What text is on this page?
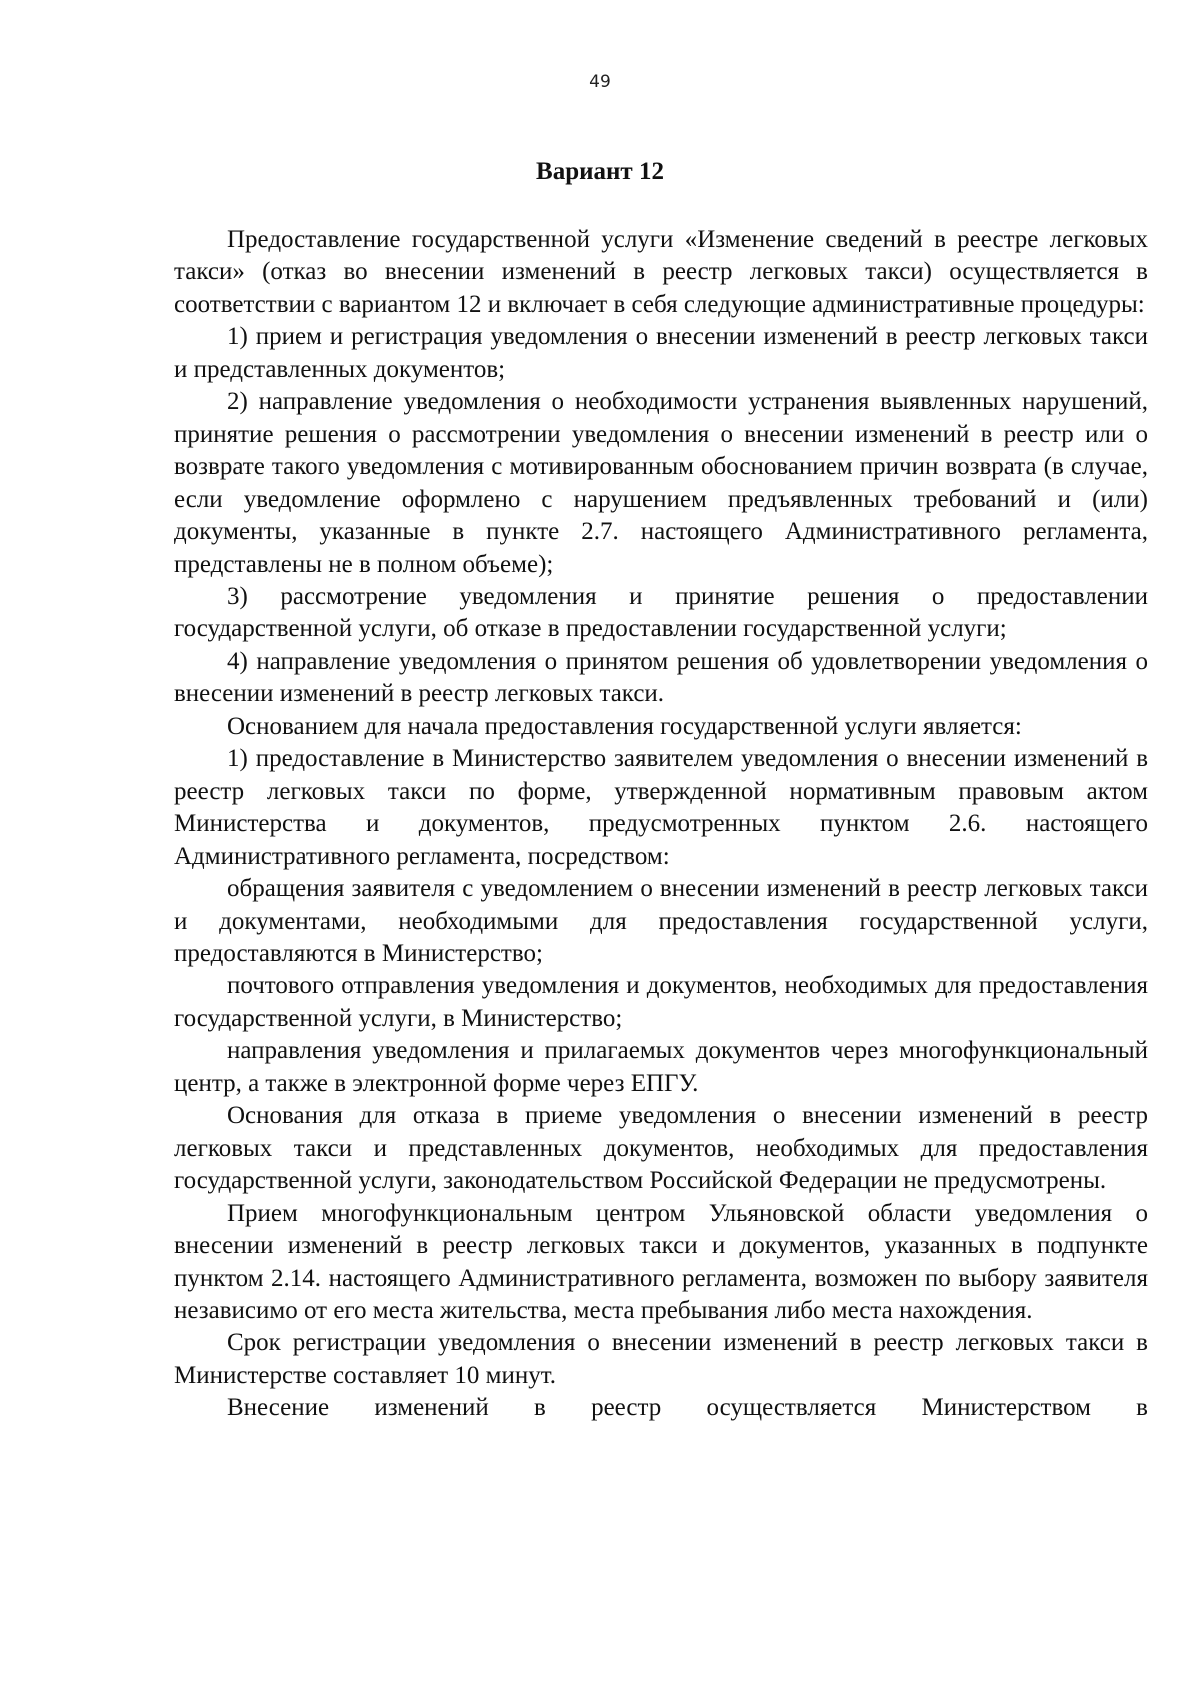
49
Вариант 12

Предоставление государственной услуги «Изменение сведений в реестре легковых такси» (отказ во внесении изменений в реестр легковых такси) осуществляется в соответствии с вариантом 12 и включает в себя следующие административные процедуры:

1) прием и регистрация уведомления о внесении изменений в реестр легковых такси и представленных документов;

2) направление уведомления о необходимости устранения выявленных нарушений, принятие решения о рассмотрении уведомления о внесении изменений в реестр или о возврате такого уведомления с мотивированным обоснованием причин возврата (в случае, если уведомление оформлено с нарушением предъявленных требований и (или) документы, указанные в пункте 2.7. настоящего Административного регламента, представлены не в полном объеме);

3) рассмотрение уведомления и принятие решения о предоставлении государственной услуги, об отказе в предоставлении государственной услуги;

4) направление уведомления о принятом решения об удовлетворении уведомления о внесении изменений в реестр легковых такси.

Основанием для начала предоставления государственной услуги является:

1) предоставление в Министерство заявителем уведомления о внесении изменений в реестр легковых такси по форме, утвержденной нормативным правовым актом Министерства и документов, предусмотренных пунктом 2.6. настоящего Административного регламента, посредством:

обращения заявителя с уведомлением о внесении изменений в реестр легковых такси и документами, необходимыми для предоставления государственной услуги, предоставляются в Министерство;

почтового отправления уведомления и документов, необходимых для предоставления государственной услуги, в Министерство;

направления уведомления и прилагаемых документов через многофункциональный центр, а также в электронной форме через ЕПГУ.

Основания для отказа в приеме уведомления о внесении изменений в реестр легковых такси и представленных документов, необходимых для предоставления государственной услуги, законодательством Российской Федерации не предусмотрены.

Прием многофункциональным центром Ульяновской области уведомления о внесении изменений в реестр легковых такси и документов, указанных в подпункте пунктом 2.14. настоящего Административного регламента, возможен по выбору заявителя независимо от его места жительства, места пребывания либо места нахождения.

Срок регистрации уведомления о внесении изменений в реестр легковых такси в Министерстве составляет 10 минут.

Внесение изменений в реестр осуществляется Министерством в
